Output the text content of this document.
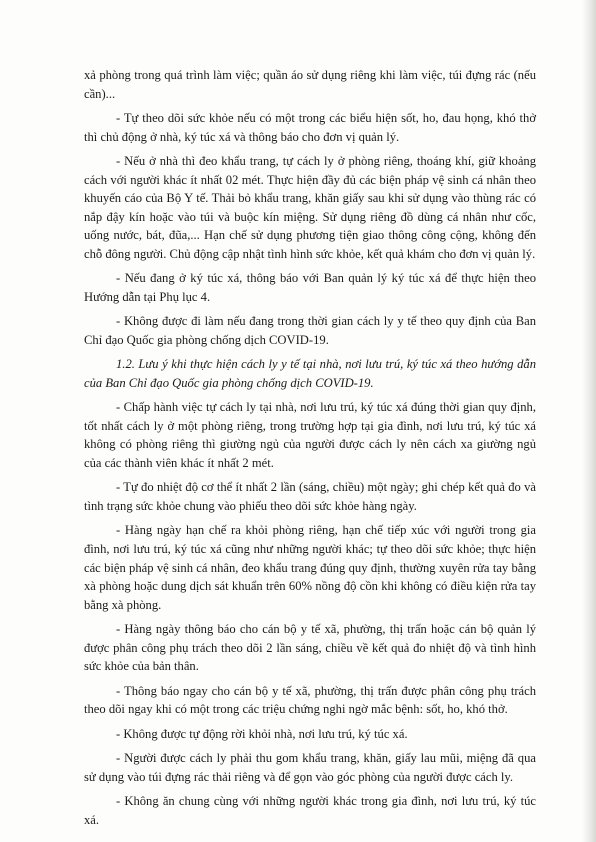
xả phòng trong quá trình làm việc; quần áo sử dụng riêng khi làm việc, túi đựng rác (nếu cần)...

- Tự theo dõi sức khỏe nếu có một trong các biểu hiện sốt, ho, đau họng, khó thở thì chủ động ở nhà, ký túc xá và thông báo cho đơn vị quản lý.

- Nếu ở nhà thì đeo khẩu trang, tự cách ly ở phòng riêng, thoáng khí, giữ khoảng cách với người khác ít nhất 02 mét. Thực hiện đầy đủ các biện pháp vệ sinh cá nhân theo khuyến cáo của Bộ Y tế. Thải bỏ khẩu trang, khăn giấy sau khi sử dụng vào thùng rác có nắp đậy kín hoặc vào túi và buộc kín miệng. Sử dụng riêng đồ dùng cá nhân như cốc, uống nước, bát, đũa,... Hạn chế sử dụng phương tiện giao thông công cộng, không đến chỗ đông người. Chủ động cập nhật tình hình sức khỏe, kết quả khám cho đơn vị quản lý.

- Nếu đang ở ký túc xá, thông báo với Ban quản lý ký túc xá để thực hiện theo Hướng dẫn tại Phụ lục 4.

- Không được đi làm nếu đang trong thời gian cách ly y tế theo quy định của Ban Chỉ đạo Quốc gia phòng chống dịch COVID-19.

1.2. Lưu ý khi thực hiện cách ly y tế tại nhà, nơi lưu trú, ký túc xá theo hướng dẫn của Ban Chỉ đạo Quốc gia phòng chống dịch COVID-19.

- Chấp hành việc tự cách ly tại nhà, nơi lưu trú, ký túc xá đúng thời gian quy định, tốt nhất cách ly ở một phòng riêng, trong trường hợp tại gia đình, nơi lưu trú, ký túc xá không có phòng riêng thì giường ngủ của người được cách ly nên cách xa giường ngủ của các thành viên khác ít nhất 2 mét.

- Tự đo nhiệt độ cơ thể ít nhất 2 lần (sáng, chiều) một ngày; ghi chép kết quả đo và tình trạng sức khỏe chung vào phiếu theo dõi sức khỏe hàng ngày.

- Hàng ngày hạn chế ra khỏi phòng riêng, hạn chế tiếp xúc với người trong gia đình, nơi lưu trú, ký túc xá cũng như những người khác; tự theo dõi sức khỏe; thực hiện các biện pháp vệ sinh cá nhân, đeo khẩu trang đúng quy định, thường xuyên rửa tay bằng xà phòng hoặc dung dịch sát khuẩn trên 60% nồng độ cồn khi không có điều kiện rửa tay bằng xà phòng.

- Hàng ngày thông báo cho cán bộ y tế xã, phường, thị trấn hoặc cán bộ quản lý được phân công phụ trách theo dõi 2 lần sáng, chiều về kết quả đo nhiệt độ và tình hình sức khỏe của bản thân.

- Thông báo ngay cho cán bộ y tế xã, phường, thị trấn được phân công phụ trách theo dõi ngay khi có một trong các triệu chứng nghi ngờ mắc bệnh: sốt, ho, khó thở.

- Không được tự động rời khỏi nhà, nơi lưu trú, ký túc xá.

- Người được cách ly phải thu gom khẩu trang, khăn, giấy lau mũi, miệng đã qua sử dụng vào túi đựng rác thải riêng và để gọn vào góc phòng của người được cách ly.

- Không ăn chung cùng với những người khác trong gia đình, nơi lưu trú, ký túc xá.
